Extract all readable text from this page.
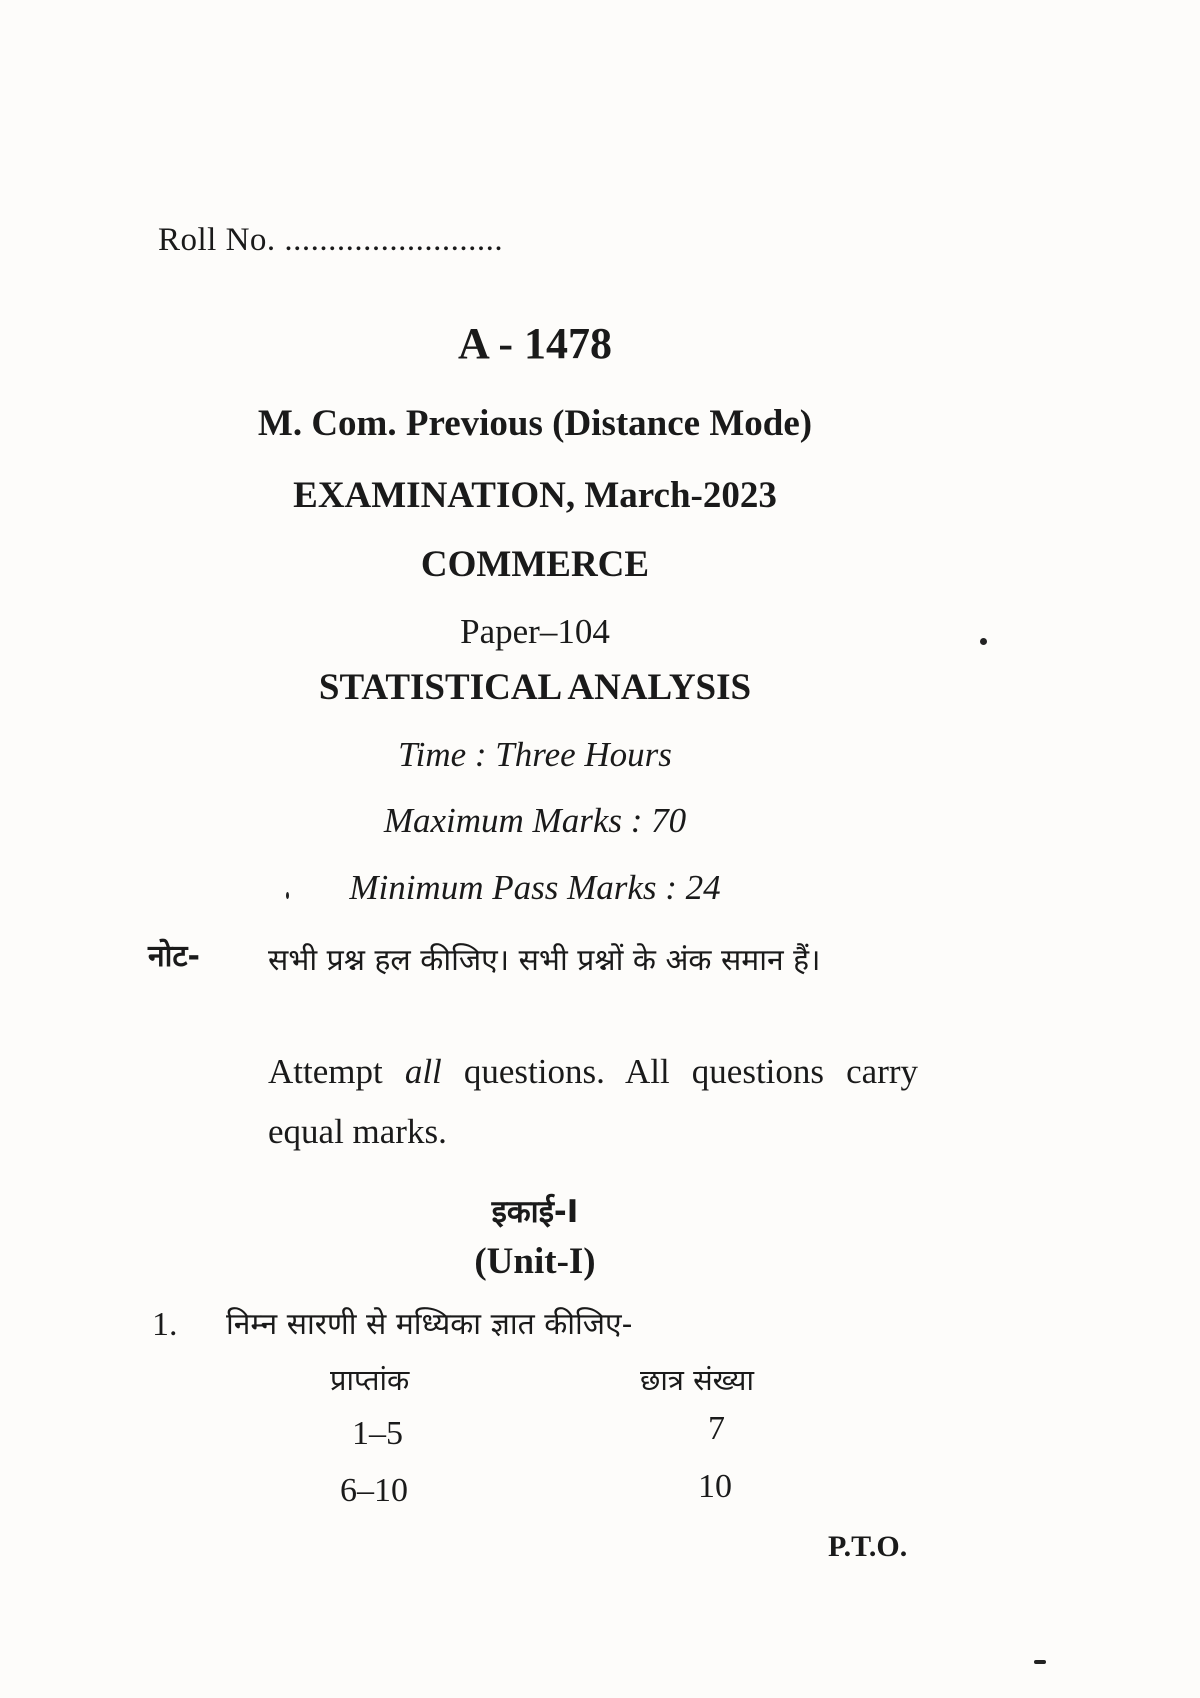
Roll No. .........................
A - 1478
M. Com. Previous (Distance Mode)
EXAMINATION, March-2023
COMMERCE
Paper–104
STATISTICAL ANALYSIS
Time : Three Hours
Maximum Marks : 70
Minimum Pass Marks : 24
नोट- सभी प्रश्न हल कीजिए। सभी प्रश्नों के अंक समान हैं।
Attempt all questions. All questions carry equal marks.
इकाई-I
(Unit-I)
1. निम्न सारणी से मध्यिका ज्ञात कीजिए-
प्राप्तांक	छात्र संख्या
1–5	7
6–10	10
P.T.O.
